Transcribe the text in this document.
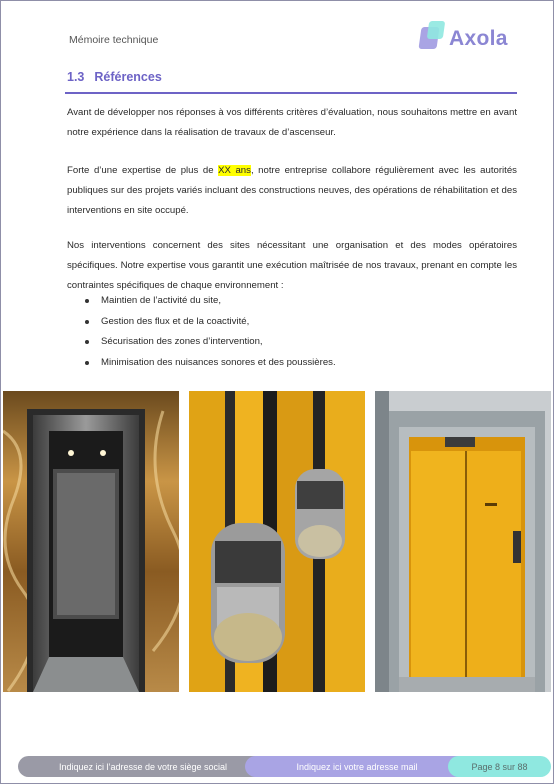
Mémoire technique	Axola
1.3 Références
Avant de développer nos réponses à vos différents critères d’évaluation, nous souhaitons mettre en avant notre expérience dans la réalisation de travaux de d’ascenseur.
Forte d’une expertise de plus de XX ans, notre entreprise collabore régulièrement avec les autorités publiques sur des projets variés incluant des constructions neuves, des opérations de réhabilitation et des interventions en site occupé.
Nos interventions concernent des sites nécessitant une organisation et des modes opératoires spécifiques. Notre expertise vous garantit une exécution maîtrisée de nos travaux, prenant en compte les contraintes spécifiques de chaque environnement :
Maintien de l’activité du site,
Gestion des flux et de la coactivité,
Sécurisation des zones d’intervention,
Minimisation des nuisances sonores et des poussières.
Indiquez ici l’adresse de votre siège social	Indiquez ici votre adresse mail	Page 8 sur 88
